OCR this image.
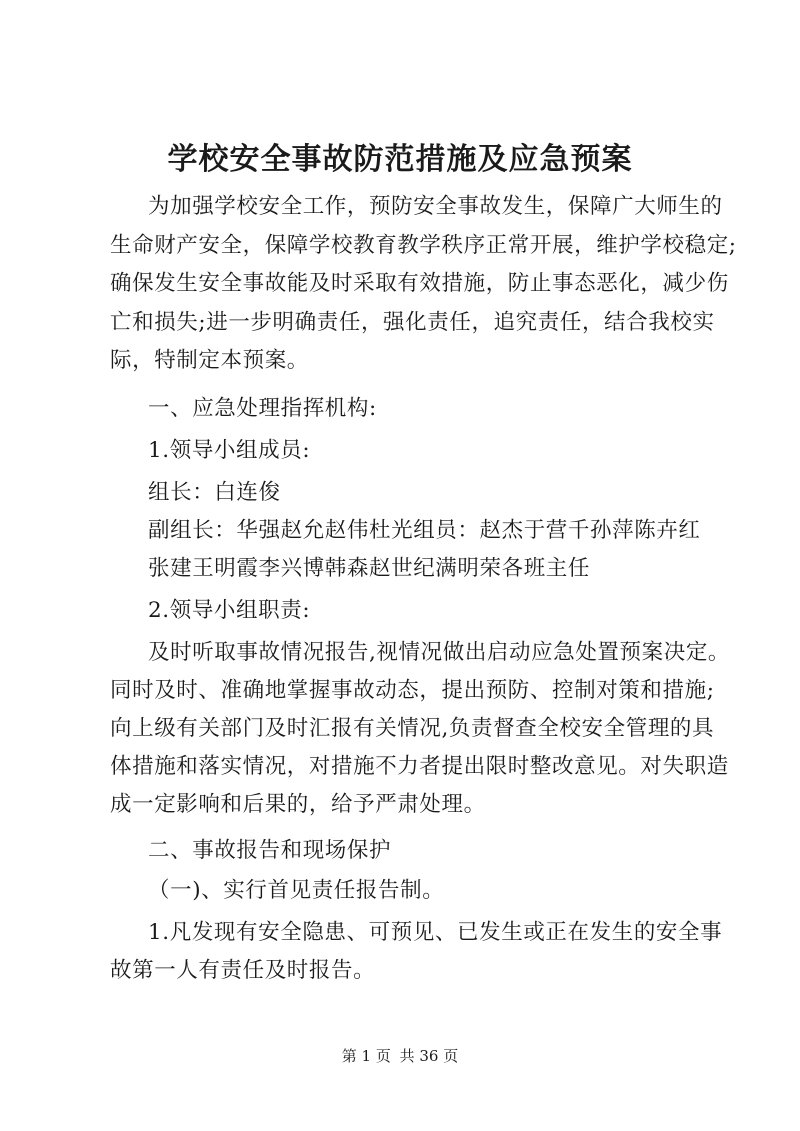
学校安全事故防范措施及应急预案
为加强学校安全工作，预防安全事故发生，保障广大师生的
生命财产安全，保障学校教育教学秩序正常开展，维护学校稳定;
确保发生安全事故能及时采取有效措施，防止事态恶化，减少伤
亡和损失;进一步明确责任，强化责任，追究责任，结合我校实
际，特制定本预案。
一、应急处理指挥机构:
1.领导小组成员:
组长：白连俊
副组长：华强赵允赵伟杜光组员：赵杰于营千孙萍陈卉红
张建王明霞李兴博韩森赵世纪满明荣各班主任
2.领导小组职责:
及时听取事故情况报告,视情况做出启动应急处置预案决定。
同时及时、准确地掌握事故动态，提出预防、控制对策和措施;
向上级有关部门及时汇报有关情况,负责督查全校安全管理的具
体措施和落实情况，对措施不力者提出限时整改意见。对失职造
成一定影响和后果的，给予严肃处理。
二、事故报告和现场保护
（一)、实行首见责任报告制。
1.凡发现有安全隐患、可预见、已发生或正在发生的安全事
故第一人有责任及时报告。
第 1 页 共 36 页
